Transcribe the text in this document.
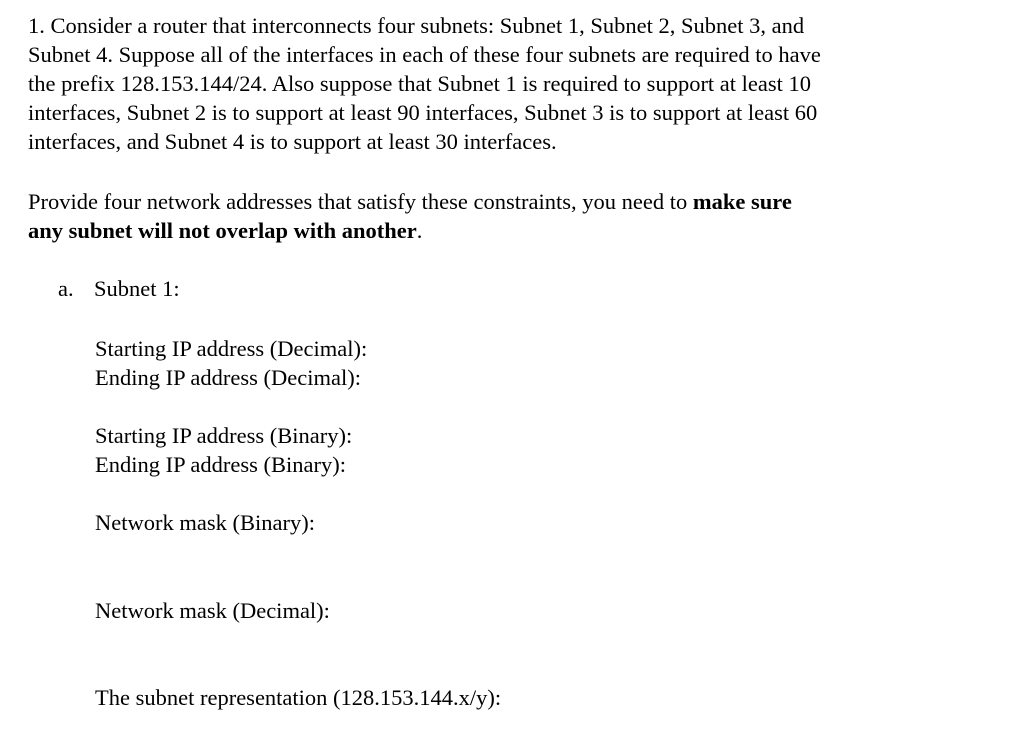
1. Consider a router that interconnects four subnets: Subnet 1, Subnet 2, Subnet 3, and
Subnet 4. Suppose all of the interfaces in each of these four subnets are required to have
the prefix 128.153.144/24. Also suppose that Subnet 1 is required to support at least 10
interfaces, Subnet 2 is to support at least 90 interfaces, Subnet 3 is to support at least 60
interfaces, and Subnet 4 is to support at least 30 interfaces.

Provide four network addresses that satisfy these constraints, you need to make sure
any subnet will not overlap with another.

a. Subnet 1:
Starting IP address (Decimal):
Ending IP address (Decimal):
Starting IP address (Binary):
Ending IP address (Binary):
Network mask (Binary):
Network mask (Decimal):
The subnet representation (128.153.144.x/y):
